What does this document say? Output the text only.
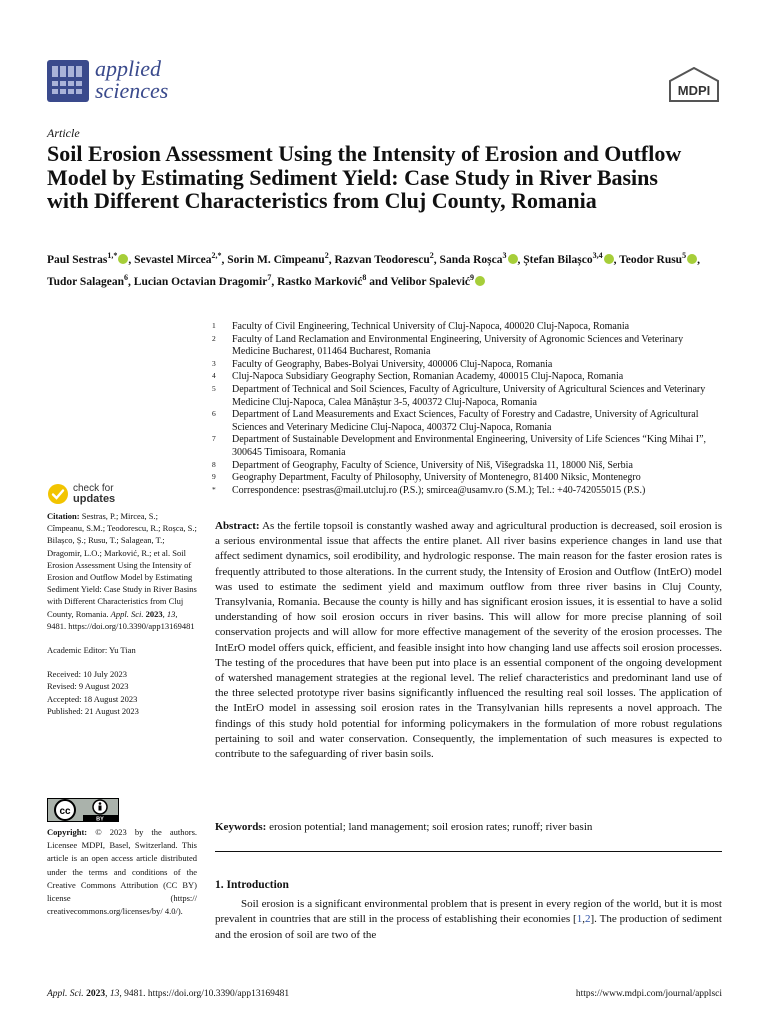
applied
sciences	MDPI
Article
Soil Erosion Assessment Using the Intensity of Erosion and Outflow Model by Estimating Sediment Yield: Case Study in River Basins with Different Characteristics from Cluj County, Romania
Paul Sestras$^{1,*}$ , Sevastel Mircea$^{2,*}$, Sorin M. Cîmpeanu$^2$, Razvan Teodorescu$^2$, Sanda Roșca$^3$ , Ștefan Bilașco$^{3,4}$ , Teodor Rusu$^5$ , Tudor Salagean$^6$, Lucian Octavian Dragomir$^7$, Rastko Marković$^8$ and Velibor Spalević$^9$
1	Faculty of Civil Engineering, Technical University of Cluj-Napoca, 400020 Cluj-Napoca, Romania
2	Faculty of Land Reclamation and Environmental Engineering, University of Agronomic Sciences and Veterinary Medicine Bucharest, 011464 Bucharest, Romania
3	Faculty of Geography, Babes-Bolyai University, 400006 Cluj-Napoca, Romania
4	Cluj-Napoca Subsidiary Geography Section, Romanian Academy, 400015 Cluj-Napoca, Romania
5	Department of Technical and Soil Sciences, Faculty of Agriculture, University of Agricultural Sciences and Veterinary Medicine Cluj-Napoca, Calea Mănăștur 3-5, 400372 Cluj-Napoca, Romania
6	Department of Land Measurements and Exact Sciences, Faculty of Forestry and Cadastre, University of Agricultural Sciences and Veterinary Medicine Cluj-Napoca, 400372 Cluj-Napoca, Romania
7	Department of Sustainable Development and Environmental Engineering, University of Life Sciences “King Mihai I”, 300645 Timisoara, Romania
8	Department of Geography, Faculty of Science, University of Niš, Višegradska 11, 18000 Niš, Serbia
9	Geography Department, Faculty of Philosophy, University of Montenegro, 81400 Niksic, Montenegro
*	Correspondence: psestras@mail.utcluj.ro (P.S.); smircea@usamv.ro (S.M.); Tel.: +40-742055015 (P.S.)
check for
updates
Citation: Sestras, P.; Mircea, S.; Cîmpeanu, S.M.; Teodorescu, R.; Roșca, S.; Bilașco, Ș.; Rusu, T.; Salagean, T.; Dragomir, L.O.; Marković, R.; et al. Soil Erosion Assessment Using the Intensity of Erosion and Outflow Model by Estimating Sediment Yield: Case Study in River Basins with Different Characteristics from Cluj County, Romania. Appl. Sci. 2023, 13, 9481. https://doi.org/10.3390/app13169481
Academic Editor: Yu Tian
Received: 10 July 2023
Revised: 9 August 2023
Accepted: 18 August 2023
Published: 21 August 2023
cc
BY
Copyright: © 2023 by the authors. Licensee MDPI, Basel, Switzerland. This article is an open access article distributed under the terms and conditions of the Creative Commons Attribution (CC BY) license (https:// creativecommons.org/licenses/by/ 4.0/).
Abstract: As the fertile topsoil is constantly washed away and agricultural production is decreased, soil erosion is a serious environmental issue that affects the entire planet. All river basins experience changes in land use that affect sediment dynamics, soil erodibility, and hydrologic response. The main reason for the faster erosion rates is frequently attributed to those alterations. In the current study, the Intensity of Erosion and Outflow (IntErO) model was used to estimate the sediment yield and maximum outflow from three river basins in Cluj County, Transylvania, Romania. Because the county is hilly and has significant erosion issues, it is essential to have a solid understanding of how soil erosion occurs in river basins. This will allow for more precise planning of soil conservation projects and will allow for more effective management of the severity of the erosion processes. The IntErO model offers quick, efficient, and feasible insight into how changing land use affects soil erosion processes. The testing of the procedures that have been put into place is an essential component of the ongoing development of watershed management strategies at the regional level. The relief characteristics and predominant land use of the three selected prototype river basins significantly influenced the resulting real soil losses. The application of the IntErO model in assessing soil erosion rates in the Transylvanian hills represents a novel approach. The findings of this study hold potential for informing policymakers in the formulation of more robust regulations pertaining to soil and water conservation. Consequently, the implementation of such measures is expected to contribute to the safeguarding of river basin soils.
Keywords: erosion potential; land management; soil erosion rates; runoff; river basin
1. Introduction
Soil erosion is a significant environmental problem that is present in every region of the world, but it is most prevalent in countries that are still in the process of establishing their economies [1,2]. The production of sediment and the erosion of soil are two of the
Appl. Sci. 2023, 13, 9481. https://doi.org/10.3390/app13169481	https://www.mdpi.com/journal/applsci
